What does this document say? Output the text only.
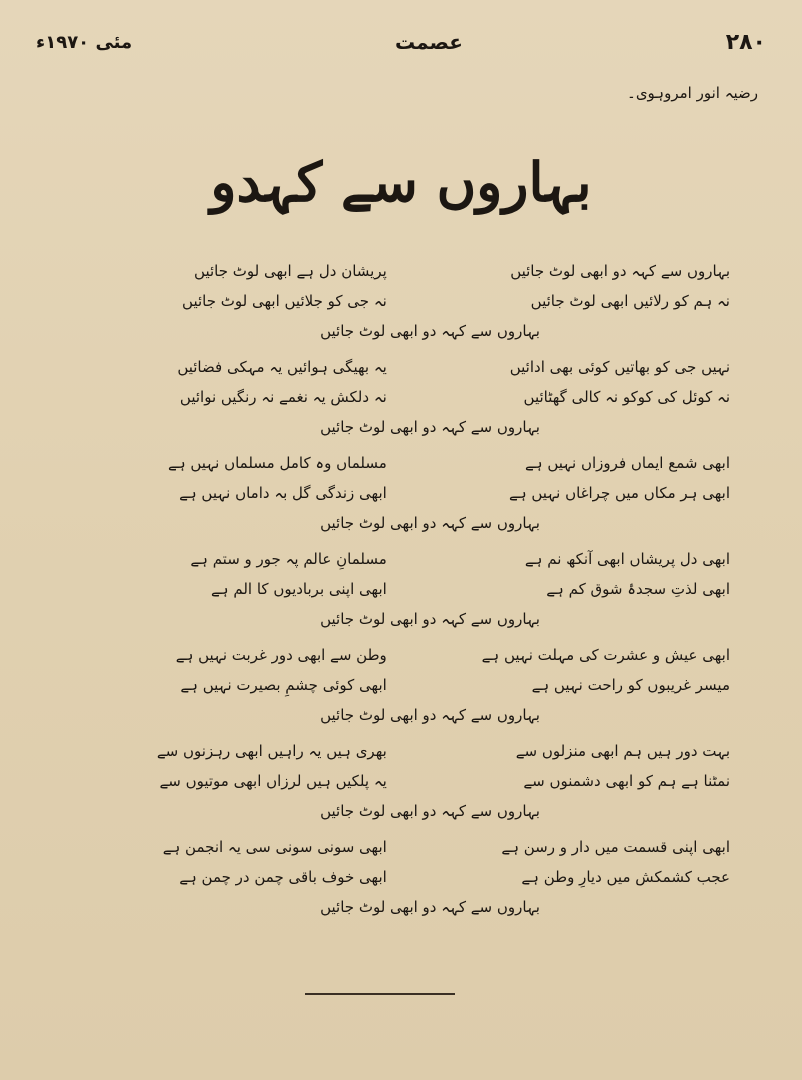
۲۸۰
عصمت
مئی ۱۹۷۰ء
رضیہ انور امروہوی۔
بہاروں سے کہدو
بہاروں سے کہہ دو ابھی لوٹ جائیں
پریشان دل ہے ابھی لوٹ جائیں
نہ ہم کو رلائیں ابھی لوٹ جائیں
نہ جی کو جلائیں ابھی لوٹ جائیں
بہاروں سے کہہ دو ابھی لوٹ جائیں
نہیں جی کو بھاتیں کوئی بھی ادائیں
یہ بھیگی ہوائیں یہ مہکی فضائیں
نہ کوئل کی کوکو نہ کالی گھٹائیں
نہ دلکش یہ نغمے نہ رنگیں نوائیں
بہاروں سے کہہ دو ابھی لوٹ جائیں
ابھی شمع ایماں فروزاں نہیں ہے
مسلماں وہ کامل مسلماں نہیں ہے
ابھی ہر مکاں میں چراغاں نہیں ہے
ابھی زندگی گل بہ داماں نہیں ہے
بہاروں سے کہہ دو ابھی لوٹ جائیں
ابھی دل پریشاں ابھی آنکھ نم ہے
مسلمانِ عالم پہ جور و ستم ہے
ابھی لذتِ سجدۂ شوق کم ہے
ابھی اپنی بربادیوں کا الم ہے
بہاروں سے کہہ دو ابھی لوٹ جائیں
ابھی عیش و عشرت کی مہلت نہیں ہے
وطن سے ابھی دور غربت نہیں ہے
میسر غریبوں کو راحت نہیں ہے
ابھی کوئی چشمِ بصیرت نہیں ہے
بہاروں سے کہہ دو ابھی لوٹ جائیں
بہت دور ہیں ہم ابھی منزلوں سے
بھری ہیں یہ راہیں ابھی رہزنوں سے
نمٹنا ہے ہم کو ابھی دشمنوں سے
یہ پلکیں ہیں لرزاں ابھی موتیوں سے
بہاروں سے کہہ دو ابھی لوٹ جائیں
ابھی اپنی قسمت میں دار و رسن ہے
ابھی سونی سونی سی یہ انجمن ہے
عجب کشمکش میں دیارِ وطن ہے
ابھی خوف باقی چمن در چمن ہے
بہاروں سے کہہ دو ابھی لوٹ جائیں
